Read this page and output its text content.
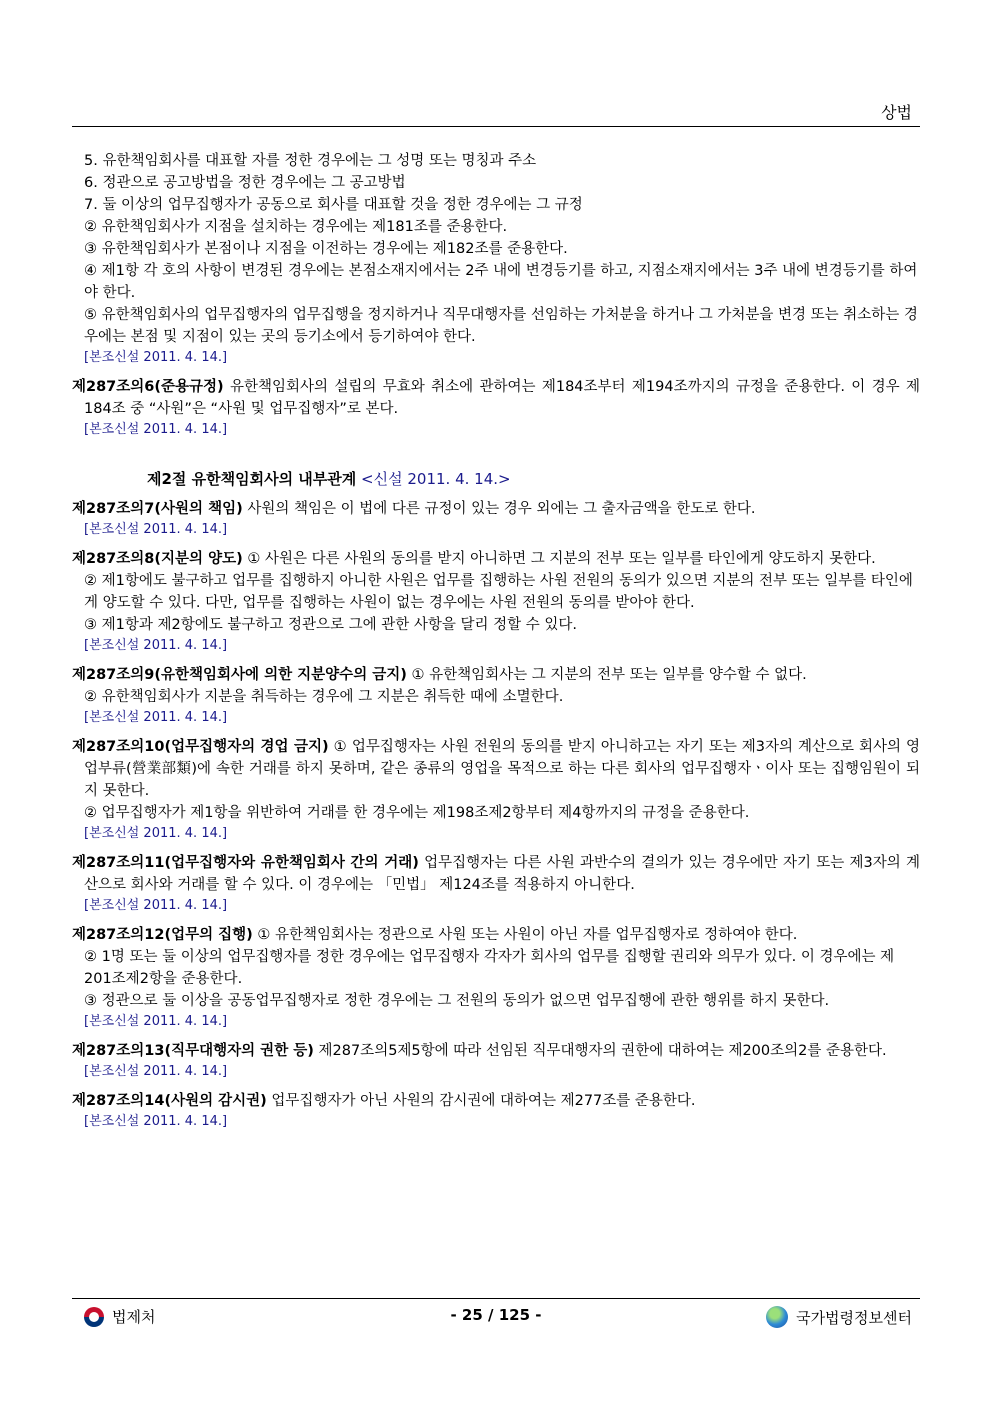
상법

5. 유한책임회사를 대표할 자를 정한 경우에는 그 성명 또는 명칭과 주소

6. 정관으로 공고방법을 정한 경우에는 그 공고방법

7. 둘 이상의 업무집행자가 공동으로 회사를 대표할 것을 정한 경우에는 그 규정

② 유한책임회사가 지점을 설치하는 경우에는 제181조를 준용한다.

③ 유한책임회사가 본점이나 지점을 이전하는 경우에는 제182조를 준용한다.

④ 제1항 각 호의 사항이 변경된 경우에는 본점소재지에서는 2주 내에 변경등기를 하고, 지점소재지에서는 3주 내에 변경등기를 하여야 한다.

⑤ 유한책임회사의 업무집행자의 업무집행을 정지하거나 직무대행자를 선임하는 가처분을 하거나 그 가처분을 변경 또는 취소하는 경우에는 본점 및 지점이 있는 곳의 등기소에서 등기하여야 한다.

[본조신설 2011. 4. 14.]

제287조의6(준용규정) 유한책임회사의 설립의 무효와 취소에 관하여는 제184조부터 제194조까지의 규정을 준용한다. 이 경우 제184조 중 “사원”은 “사원 및 업무집행자”로 본다.

[본조신설 2011. 4. 14.]

제2절 유한책임회사의 내부관계 <신설 2011. 4. 14.>

제287조의7(사원의 책임) 사원의 책임은 이 법에 다른 규정이 있는 경우 외에는 그 출자금액을 한도로 한다.

[본조신설 2011. 4. 14.]

제287조의8(지분의 양도) ① 사원은 다른 사원의 동의를 받지 아니하면 그 지분의 전부 또는 일부를 타인에게 양도하지 못한다.

② 제1항에도 불구하고 업무를 집행하지 아니한 사원은 업무를 집행하는 사원 전원의 동의가 있으면 지분의 전부 또는 일부를 타인에게 양도할 수 있다. 다만, 업무를 집행하는 사원이 없는 경우에는 사원 전원의 동의를 받아야 한다.

③ 제1항과 제2항에도 불구하고 정관으로 그에 관한 사항을 달리 정할 수 있다.

[본조신설 2011. 4. 14.]

제287조의9(유한책임회사에 의한 지분양수의 금지) ① 유한책임회사는 그 지분의 전부 또는 일부를 양수할 수 없다.

② 유한책임회사가 지분을 취득하는 경우에 그 지분은 취득한 때에 소멸한다.

[본조신설 2011. 4. 14.]

제287조의10(업무집행자의 경업 금지) ① 업무집행자는 사원 전원의 동의를 받지 아니하고는 자기 또는 제3자의 계산으로 회사의 영업부류(營業部類)에 속한 거래를 하지 못하며, 같은 종류의 영업을 목적으로 하는 다른 회사의 업무집행자ㆍ이사 또는 집행임원이 되지 못한다.

② 업무집행자가 제1항을 위반하여 거래를 한 경우에는 제198조제2항부터 제4항까지의 규정을 준용한다.

[본조신설 2011. 4. 14.]

제287조의11(업무집행자와 유한책임회사 간의 거래) 업무집행자는 다른 사원 과반수의 결의가 있는 경우에만 자기 또는 제3자의 계산으로 회사와 거래를 할 수 있다. 이 경우에는 「민법」 제124조를 적용하지 아니한다.

[본조신설 2011. 4. 14.]

제287조의12(업무의 집행) ① 유한책임회사는 정관으로 사원 또는 사원이 아닌 자를 업무집행자로 정하여야 한다.

② 1명 또는 둘 이상의 업무집행자를 정한 경우에는 업무집행자 각자가 회사의 업무를 집행할 권리와 의무가 있다. 이 경우에는 제201조제2항을 준용한다.

③ 정관으로 둘 이상을 공동업무집행자로 정한 경우에는 그 전원의 동의가 없으면 업무집행에 관한 행위를 하지 못한다.

[본조신설 2011. 4. 14.]

제287조의13(직무대행자의 권한 등) 제287조의5제5항에 따라 선임된 직무대행자의 권한에 대하여는 제200조의2를 준용한다.

[본조신설 2011. 4. 14.]

제287조의14(사원의 감시권) 업무집행자가 아닌 사원의 감시권에 대하여는 제277조를 준용한다.

[본조신설 2011. 4. 14.]

법제처	- 25 / 125 -	국가법령정보센터
